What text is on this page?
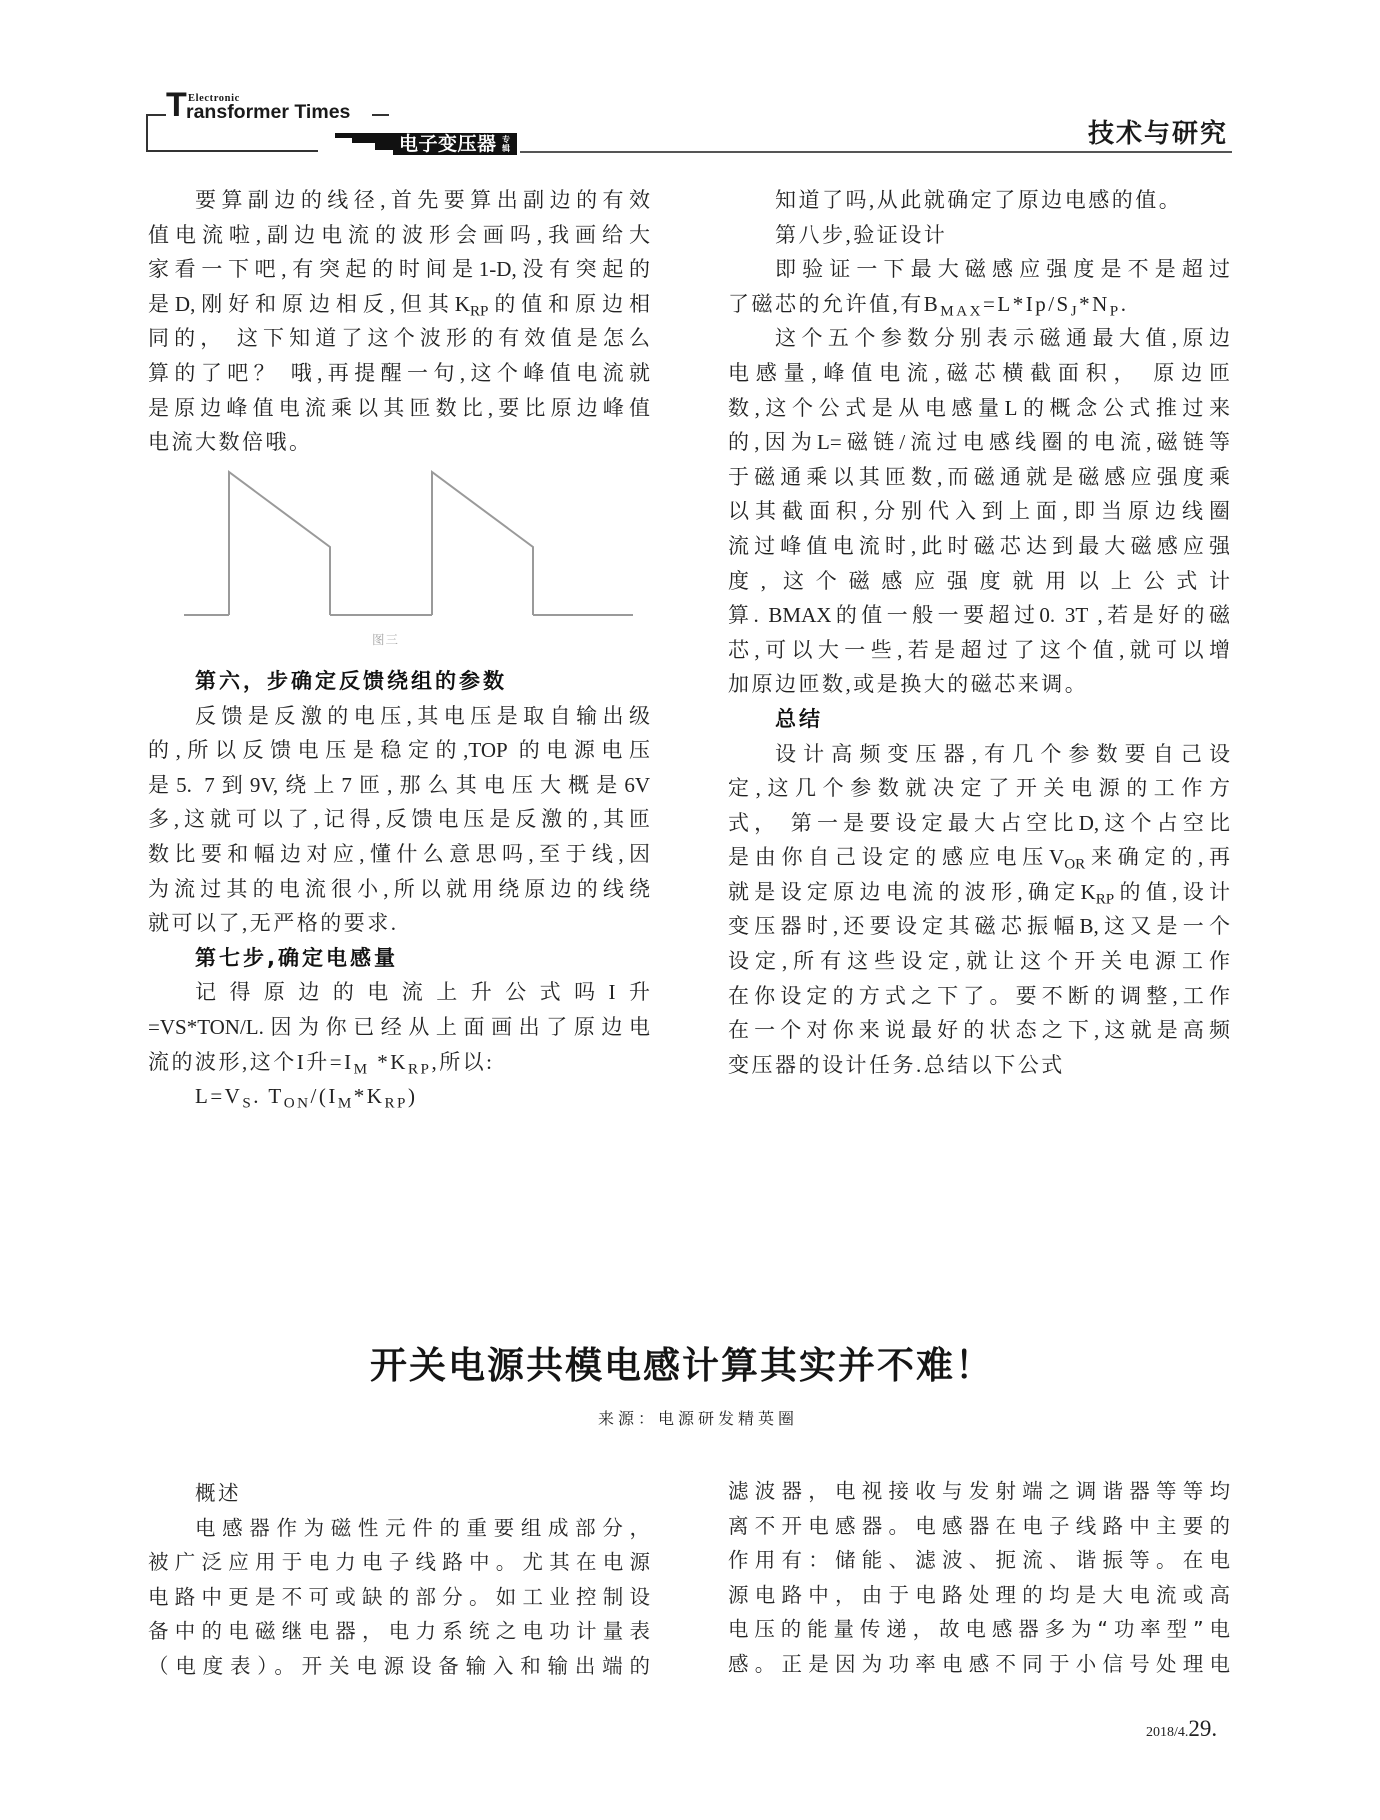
T Electronic
ransformer Times
电子变压器 专
辑	技术与研究
要算副边的线径,首先要算出副边的有效
值电流啦,副边电流的波形会画吗,我画给大
家看一下吧,有突起的时间是1-D,没有突起的
是D,刚好和原边相反,但其$K_{RP}$的值和原边相
同的， 这下知道了这个波形的有效值是怎么
算的了吧？ 哦,再提醒一句,这个峰值电流就
是原边峰值电流乘以其匝数比,要比原边峰值
电流大数倍哦。
图三
第六，步确定反馈绕组的参数
反馈是反激的电压,其电压是取自输出级
的,所以反馈电压是稳定的,TOP 的电源电压
是5. 7到9V,绕上7匝,那么其电压大概是6V
多,这就可以了,记得,反馈电压是反激的,其匝
数比要和幅边对应,懂什么意思吗,至于线,因
为流过其的电流很小,所以就用绕原边的线绕
就可以了,无严格的要求.
第七步,确定电感量
记得原边的电流上升公式吗I升
=VS*TON/L.因为你已经从上面画出了原边电
流的波形,这个I升$=I_M$ $*K_{RP}$,所以:
$L=V_S$. $T_{ON}/(I_M*K_{RP})$
知道了吗,从此就确定了原边电感的值。
第八步,验证设计
即验证一下最大磁感应强度是不是超过
了磁芯的允许值,有$B_{MAX}=L*Ip/S_J*N_P$.
这个五个参数分别表示磁通最大值,原边
电感量,峰值电流,磁芯横截面积， 原边匝
数,这个公式是从电感量L的概念公式推过来
的,因为L=磁链/流过电感线圈的电流,磁链等
于磁通乘以其匝数,而磁通就是磁感应强度乘
以其截面积,分别代入到上面,即当原边线圈
流过峰值电流时,此时磁芯达到最大磁感应强
度, 这个磁感应强度就用以上公式计
算. BMAX的值一般一要超过0. 3T ,若是好的磁
芯,可以大一些,若是超过了这个值,就可以增
加原边匝数,或是换大的磁芯来调。
总结
设计高频变压器,有几个参数要自己设
定,这几个参数就决定了开关电源的工作方
式， 第一是要设定最大占空比D,这个占空比
是由你自己设定的感应电压$V_{OR}$来确定的,再
就是设定原边电流的波形,确定$K_{RP}$的值,设计
变压器时,还要设定其磁芯振幅B,这又是一个
设定,所有这些设定,就让这个开关电源工作
在你设定的方式之下了。要不断的调整,工作
在一个对你来说最好的状态之下,这就是高频
变压器的设计任务.总结以下公式
开关电源共模电感计算其实并不难！
来源：电源研发精英圈
概述
电感器作为磁性元件的重要组成部分，
被广泛应用于电力电子线路中。尤其在电源
电路中更是不可或缺的部分。如工业控制设
备中的电磁继电器，电力系统之电功计量表
（电度表）。开关电源设备输入和输出端的
滤波器，电视接收与发射端之调谐器等等均
离不开电感器。电感器在电子线路中主要的
作用有：储能、滤波、扼流、谐振等。在电
源电路中，由于电路处理的均是大电流或高
电压的能量传递，故电感器多为“功率型”电
感。正是因为功率电感不同于小信号处理电
2018/4.29.
